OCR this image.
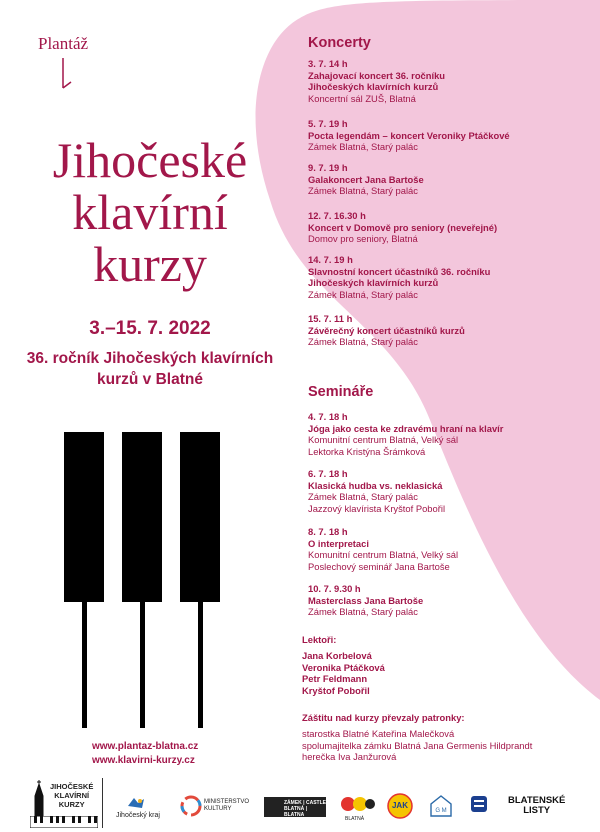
Plantáž
Jihočeské
klavírní
kurzy
3.–15. 7. 2022
36. ročník Jihočeských klavírních
kurzů v Blatné
www.plantaz-blatna.cz
www.klavirni-kurzy.cz
Koncerty
3. 7. 14 h
Zahajovací koncert 36. ročníku
Jihočeských klavírních kurzů
Koncertní sál ZUŠ, Blatná
5. 7. 19 h
Pocta legendám – koncert Veroniky Ptáčkové
Zámek Blatná, Starý palác
9. 7. 19 h
Galakoncert Jana Bartoše
Zámek Blatná, Starý palác
12. 7. 16.30 h
Koncert v Domově pro seniory (neveřejné)
Domov pro seniory, Blatná
14. 7. 19 h
Slavnostní koncert účastníků 36. ročníku
Jihočeských klavírních kurzů
Zámek Blatná, Starý palác
15. 7. 11 h
Závěrečný koncert účastníků kurzů
Zámek Blatná, Starý palác
Semináře
4. 7. 18 h
Jóga jako cesta ke zdravému hraní na klavír
Komunitní centrum Blatná, Velký sál
Lektorka Kristýna Šrámková
6. 7. 18 h
Klasická hudba vs. neklasická
Zámek Blatná, Starý palác
Jazzový klavírista Kryštof Pobořil
8. 7. 18 h
O interpretaci
Komunitní centrum Blatná, Velký sál
Poslechový seminář Jana Bartoše
10. 7. 9.30 h
Masterclass Jana Bartoše
Zámek Blatná, Starý palác
Lektoři:
Jana Korbelová
Veronika Ptáčková
Petr Feldmann
Kryštof Pobořil
Záštitu nad kurzy převzaly patronky:
starostka Blatné Kateřina Malečková
spolumajitelka zámku Blatná Jana Germenis Hildprandt
herečka Iva Janžurová
JIHOČESKÉ
KLAVÍRNÍ
KURZY
Jihočeský kraj
MINISTERSTVO
KULTURY
ZÁMEK | CASTLE
BLATNÁ | BLATNA
BLATNÁ
JAK
G M
BLATENSKÉ
LISTY
